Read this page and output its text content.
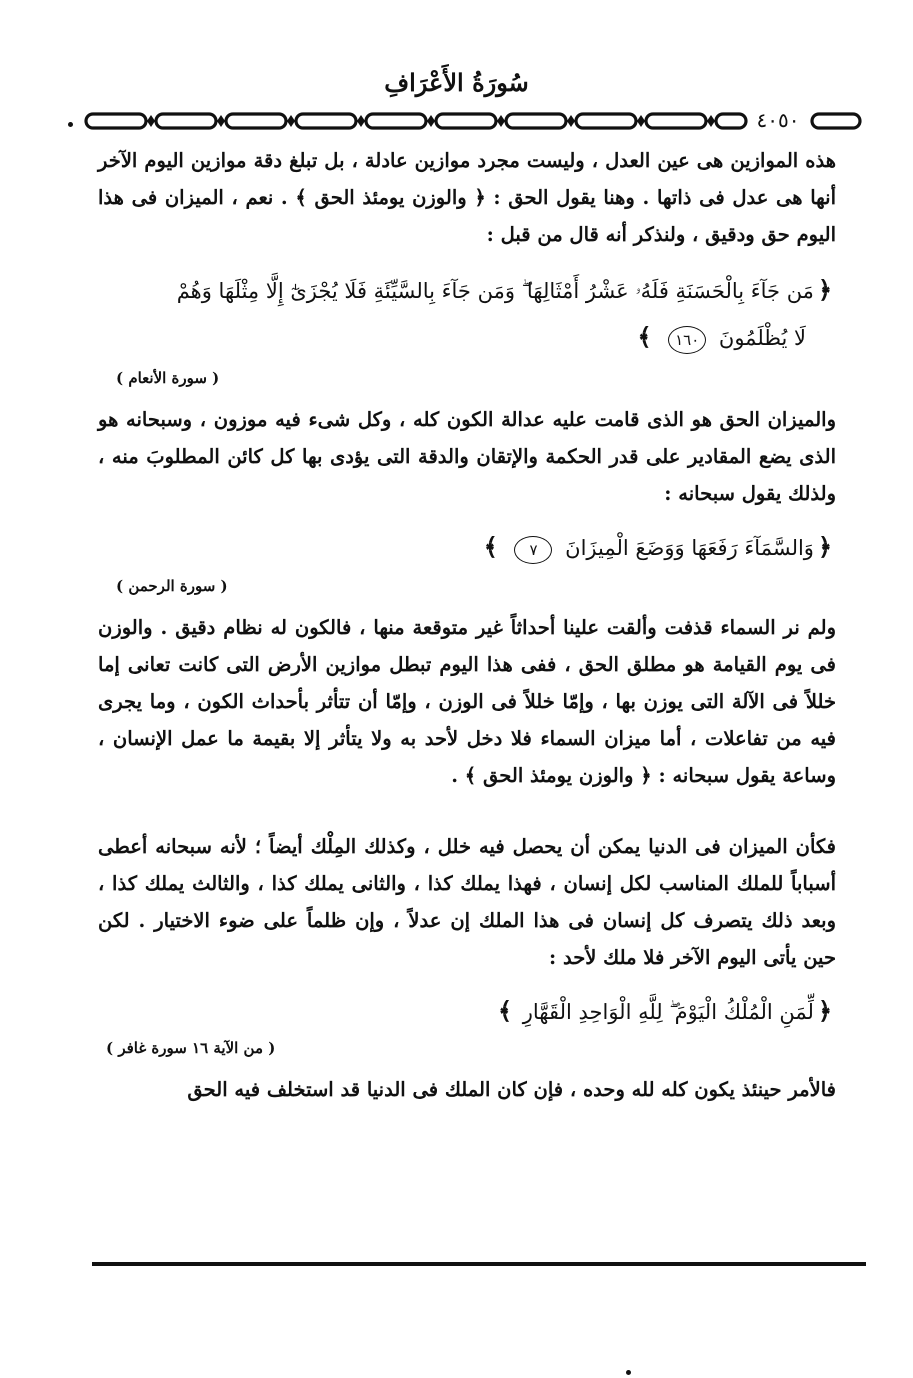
سُورَةُ الأَعْرَافِ
٤٠٥٠

هذه الموازين هى عين العدل ، وليست مجرد موازين عادلة ، بل تبلغ دقة موازين اليوم الآخر أنها هى عدل فى ذاتها . وهنا يقول الحق : ﴿ والوزن يومئذ الحق ﴾ . نعم ، الميزان فى هذا اليوم حق ودقيق ، ولنذكر أنه قال من قبل :

﴿مَن جَآءَ بِالْحَسَنَةِ فَلَهُۥ عَشْرُ أَمْثَالِهَا ۖ وَمَن جَآءَ بِالسَّيِّئَةِ فَلَا يُجْزَىٰٓ إِلَّا مِثْلَهَا وَهُمْ

لَا يُظْلَمُونَ ١٦٠ ﴾

( سورة الأنعام )

والميزان الحق هو الذى قامت عليه عدالة الكون كله ، وكل شىء فيه موزون ، وسبحانه هو الذى يضع المقادير على قدر الحكمة والإتقان والدقة التى يؤدى بها كل كائن المطلوبَ منه ، ولذلك يقول سبحانه :

﴿وَالسَّمَآءَ رَفَعَهَا وَوَضَعَ الْمِيزَانَ ٧ ﴾

( سورة الرحمن )

ولم نر السماء قذفت وألقت علينا أحداثاً غير متوقعة منها ، فالكون له نظام دقيق . والوزن فى يوم القيامة هو مطلق الحق ، ففى هذا اليوم تبطل موازين الأرض التى كانت تعانى إما خللاً فى الآلة التى يوزن بها ، وإمّا خللاً فى الوزن ، وإمّا أن تتأثر بأحداث الكون ، وما يجرى فيه من تفاعلات ، أما ميزان السماء فلا دخل لأحد به ولا يتأثر إلا بقيمة ما عمل الإنسان ، وساعة يقول سبحانه : ﴿ والوزن يومئذ الحق ﴾ .

فكأن الميزان فى الدنيا يمكن أن يحصل فيه خلل ، وكذلك المِلْك أيضاً ؛ لأنه سبحانه أعطى أسباباً للملك المناسب لكل إنسان ، فهذا يملك كذا ، والثانى يملك كذا ، والثالث يملك كذا ، وبعد ذلك يتصرف كل إنسان فى هذا الملك إن عدلاً ، وإن ظلماً على ضوء الاختيار . لكن حين يأتى اليوم الآخر فلا ملك لأحد :

﴿لِّمَنِ الْمُلْكُ الْيَوْمَ ۖ لِلَّهِ الْوَاحِدِ الْقَهَّارِ ﴾

( من الآية ١٦ سورة غافر )

فالأمر حينئذ يكون كله لله وحده ، فإن كان الملك فى الدنيا قد استخلف فيه الحق
